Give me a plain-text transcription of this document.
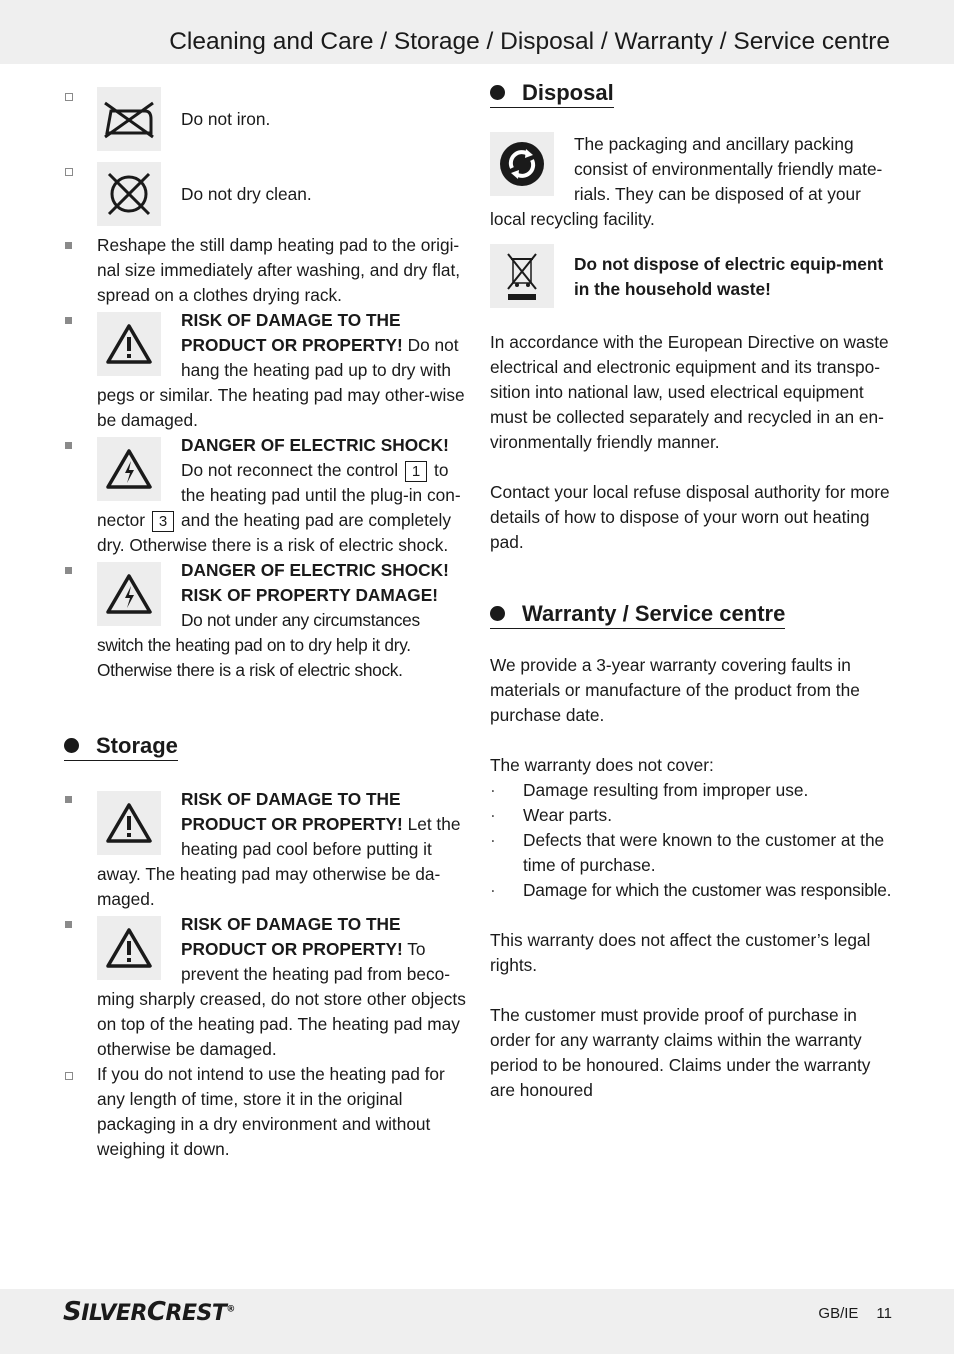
Cleaning and Care / Storage / Disposal / Warranty / Service centre
Do not iron.
Do not dry clean.

Reshape the still damp heating pad to the origi-nal size immediately after washing, and dry flat, spread on a clothes drying rack.

RISK OF DAMAGE TO THE PRODUCT OR PROPERTY! Do not hang the heating pad up to dry with pegs or similar. The heating pad may other-wise be damaged.

DANGER OF ELECTRIC SHOCK!
Do not reconnect the control 1 to the heating pad until the plug-in con-nector 3 and the heating pad are completely dry. Otherwise there is a risk of electric shock.

DANGER OF ELECTRIC SHOCK!
RISK OF PROPERTY DAMAGE!
Do not under any circumstances switch the heating pad on to dry help it dry. Otherwise there is a risk of electric shock.

Storage

RISK OF DAMAGE TO THE PRODUCT OR PROPERTY! Let the heating pad cool before putting it away. The heating pad may otherwise be da-maged.

RISK OF DAMAGE TO THE PRODUCT OR PROPERTY! To prevent the heating pad from beco-ming sharply creased, do not store other objects on top of the heating pad. The heating pad may otherwise be damaged.

If you do not intend to use the heating pad for any length of time, store it in the original packaging in a dry environment and without weighing it down.

Disposal

The packaging and ancillary packing consist of environmentally friendly mate-rials. They can be disposed of at your local recycling facility.

Do not dispose of electric equip-ment in the household waste!

In accordance with the European Directive on waste electrical and electronic equipment and its transpo-sition into national law, used electrical equipment must be collected separately and recycled in an en-vironmentally friendly manner.

Contact your local refuse disposal authority for more details of how to dispose of your worn out heating pad.

Warranty / Service centre

We provide a 3-year warranty covering faults in materials or manufacture of the product from the purchase date.

The warranty does not cover:

· Damage resulting from improper use.
· Wear parts.
· Defects that were known to the customer at the time of purchase.
· Damage for which the customer was responsible.

This warranty does not affect the customer’s legal rights.

The customer must provide proof of purchase in order for any warranty claims within the warranty period to be honoured. Claims under the warranty are honoured

SILVERCREST®	GB/IE 11
